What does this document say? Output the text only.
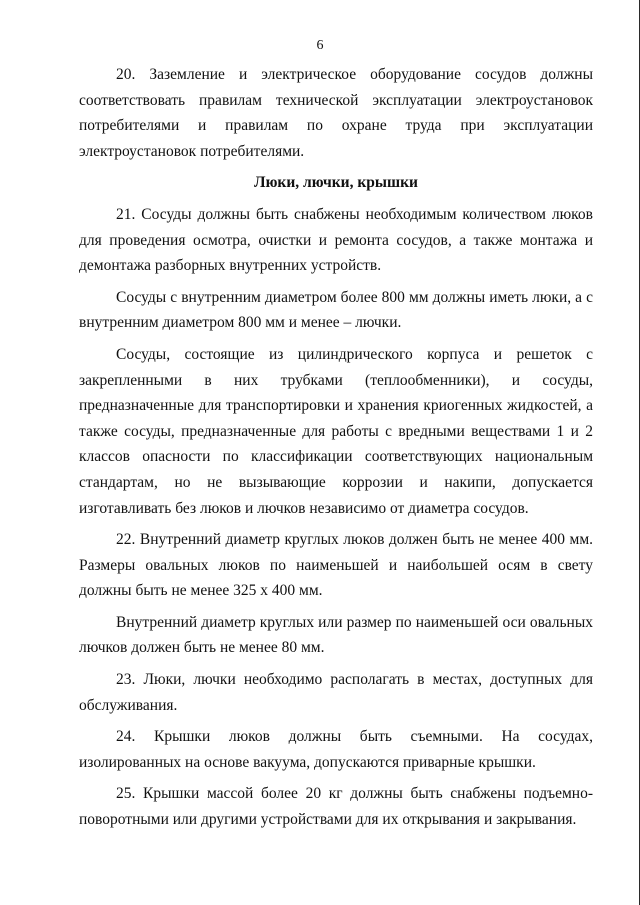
6

20. Заземление и электрическое оборудование сосудов должны соответствовать правилам технической эксплуатации электроустановок потребителями и правилам по охране труда при эксплуатации электроустановок потребителями.

Люки, лючки, крышки

21. Сосуды должны быть снабжены необходимым количеством люков для проведения осмотра, очистки и ремонта сосудов, а также монтажа и демонтажа разборных внутренних устройств.

Сосуды с внутренним диаметром более 800 мм должны иметь люки, а с внутренним диаметром 800 мм и менее – лючки.

Сосуды, состоящие из цилиндрического корпуса и решеток с закрепленными в них трубками (теплообменники), и сосуды, предназначенные для транспортировки и хранения криогенных жидкостей, а также сосуды, предназначенные для работы с вредными веществами 1 и 2 классов опасности по классификации соответствующих национальным стандартам, но не вызывающие коррозии и накипи, допускается изготавливать без люков и лючков независимо от диаметра сосудов.

22. Внутренний диаметр круглых люков должен быть не менее 400 мм. Размеры овальных люков по наименьшей и наибольшей осям в свету должны быть не менее 325 х 400 мм.

Внутренний диаметр круглых или размер по наименьшей оси овальных лючков должен быть не менее 80 мм.

23. Люки, лючки необходимо располагать в местах, доступных для обслуживания.

24. Крышки люков должны быть съемными. На сосудах, изолированных на основе вакуума, допускаются приварные крышки.

25. Крышки массой более 20 кг должны быть снабжены подъемно-поворотными или другими устройствами для их открывания и закрывания.
